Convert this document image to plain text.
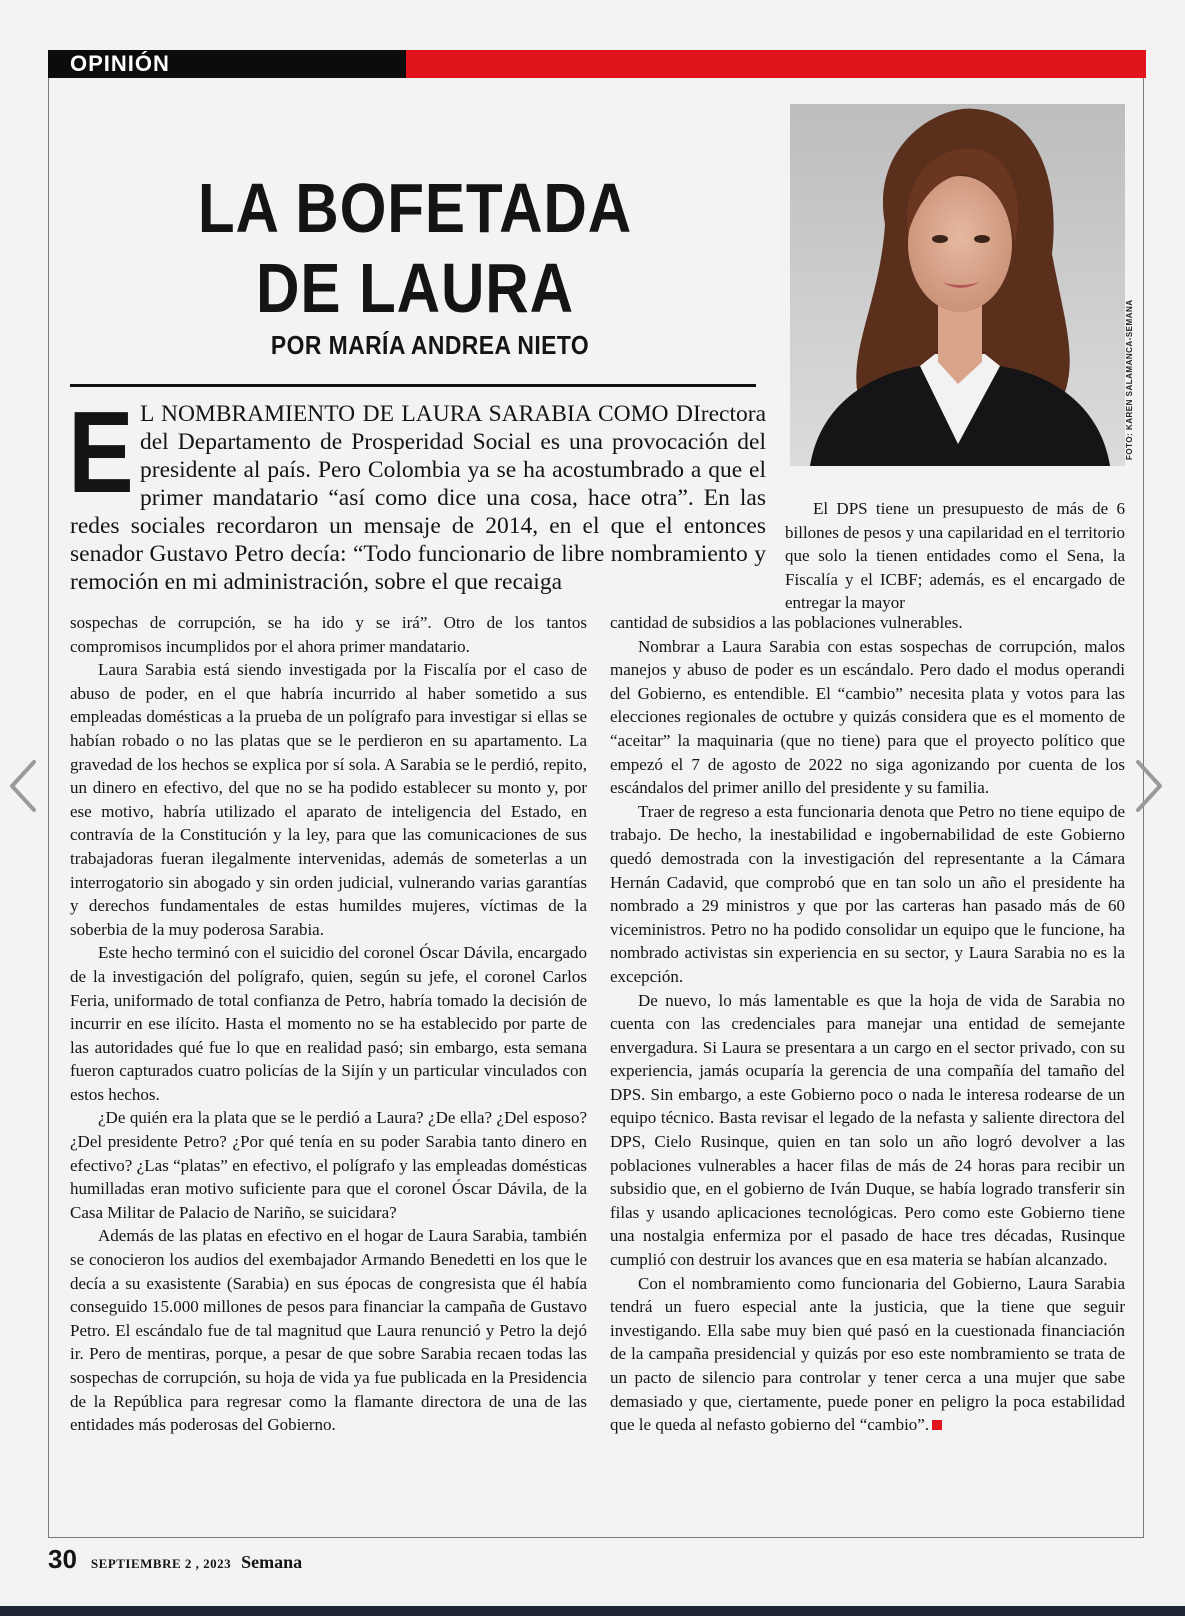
OPINIÓN
LA BOFETADA
DE LAURA
POR MARÍA ANDREA NIETO	FOTO: KAREN SALAMANCA-SEMANA
E L NOMBRAMIENTO DE LAURA SARABIA COMO DIrectora del Departamento de Prosperidad Social es una provocación del presidente al país. Pero Colombia ya se ha acostumbrado a que el primer mandatario “así como dice una cosa, hace otra”. En las redes sociales recordaron un mensaje de 2014, en el que el entonces senador Gustavo Petro decía: “Todo funcionario de libre nombramiento y remoción en mi administración, sobre el que recaiga

sospechas de corrupción, se ha ido y se irá”. Otro de los tantos compromisos incumplidos por el ahora primer mandatario.

Laura Sarabia está siendo investigada por la Fiscalía por el caso de abuso de poder, en el que habría incurrido al haber sometido a sus empleadas domésticas a la prueba de un polígrafo para investigar si ellas se habían robado o no las platas que se le perdieron en su apartamento. La gravedad de los hechos se explica por sí sola. A Sarabia se le perdió, repito, un dinero en efectivo, del que no se ha podido establecer su monto y, por ese motivo, habría utilizado el aparato de inteligencia del Estado, en contravía de la Constitución y la ley, para que las comunicaciones de sus trabajadoras fueran ilegalmente intervenidas, además de someterlas a un interrogatorio sin abogado y sin orden judicial, vulnerando varias garantías y derechos fundamentales de estas humildes mujeres, víctimas de la soberbia de la muy poderosa Sarabia.

Este hecho terminó con el suicidio del coronel Óscar Dávila, encargado de la investigación del polígrafo, quien, según su jefe, el coronel Carlos Feria, uniformado de total confianza de Petro, habría tomado la decisión de incurrir en ese ilícito. Hasta el momento no se ha establecido por parte de las autoridades qué fue lo que en realidad pasó; sin embargo, esta semana fueron capturados cuatro policías de la Sijín y un particular vinculados con estos hechos.

¿De quién era la plata que se le perdió a Laura? ¿De ella? ¿Del esposo? ¿Del presidente Petro? ¿Por qué tenía en su poder Sarabia tanto dinero en efectivo? ¿Las “platas” en efectivo, el polígrafo y las empleadas domésticas humilladas eran motivo suficiente para que el coronel Óscar Dávila, de la Casa Militar de Palacio de Nariño, se suicidara?

Además de las platas en efectivo en el hogar de Laura Sarabia, también se conocieron los audios del exembajador Armando Benedetti en los que le decía a su exasistente (Sarabia) en sus épocas de congresista que él había conseguido 15.000 millones de pesos para financiar la campaña de Gustavo Petro. El escándalo fue de tal magnitud que Laura renunció y Petro la dejó ir. Pero de mentiras, porque, a pesar de que sobre Sarabia recaen todas las sospechas de corrupción, su hoja de vida ya fue publicada en la Presidencia de la República para regresar como la flamante directora de una de las entidades más poderosas del Gobierno.

El DPS tiene un presupuesto de más de 6 billones de pesos y una capilaridad en el territorio que solo la tienen entidades como el Sena, la Fiscalía y el ICBF; además, es el encargado de entregar la mayor

cantidad de subsidios a las poblaciones vulnerables.

Nombrar a Laura Sarabia con estas sospechas de corrupción, malos manejos y abuso de poder es un escándalo. Pero dado el modus operandi del Gobierno, es entendible. El “cambio” necesita plata y votos para las elecciones regionales de octubre y quizás considera que es el momento de “aceitar” la maquinaria (que no tiene) para que el proyecto político que empezó el 7 de agosto de 2022 no siga agonizando por cuenta de los escándalos del primer anillo del presidente y su familia.

Traer de regreso a esta funcionaria denota que Petro no tiene equipo de trabajo. De hecho, la inestabilidad e ingobernabilidad de este Gobierno quedó demostrada con la investigación del representante a la Cámara Hernán Cadavid, que comprobó que en tan solo un año el presidente ha nombrado a 29 ministros y que por las carteras han pasado más de 60 viceministros. Petro no ha podido consolidar un equipo que le funcione, ha nombrado activistas sin experiencia en su sector, y Laura Sarabia no es la excepción.

De nuevo, lo más lamentable es que la hoja de vida de Sarabia no cuenta con las credenciales para manejar una entidad de semejante envergadura. Si Laura se presentara a un cargo en el sector privado, con su experiencia, jamás ocuparía la gerencia de una compañía del tamaño del DPS. Sin embargo, a este Gobierno poco o nada le interesa rodearse de un equipo técnico. Basta revisar el legado de la nefasta y saliente directora del DPS, Cielo Rusinque, quien en tan solo un año logró devolver a las poblaciones vulnerables a hacer filas de más de 24 horas para recibir un subsidio que, en el gobierno de Iván Duque, se había logrado transferir sin filas y usando aplicaciones tecnológicas. Pero como este Gobierno tiene una nostalgia enfermiza por el pasado de hace tres décadas, Rusinque cumplió con destruir los avances que en esa materia se habían alcanzado.

Con el nombramiento como funcionaria del Gobierno, Laura Sarabia tendrá un fuero especial ante la justicia, que la tiene que seguir investigando. Ella sabe muy bien qué pasó en la cuestionada financiación de la campaña presidencial y quizás por eso este nombramiento se trata de un pacto de silencio para controlar y tener cerca a una mujer que sabe demasiado y que, ciertamente, puede poner en peligro la poca estabilidad que le queda al nefasto gobierno del “cambio”.

30 SEPTIEMBRE 2 , 2023 Semana
